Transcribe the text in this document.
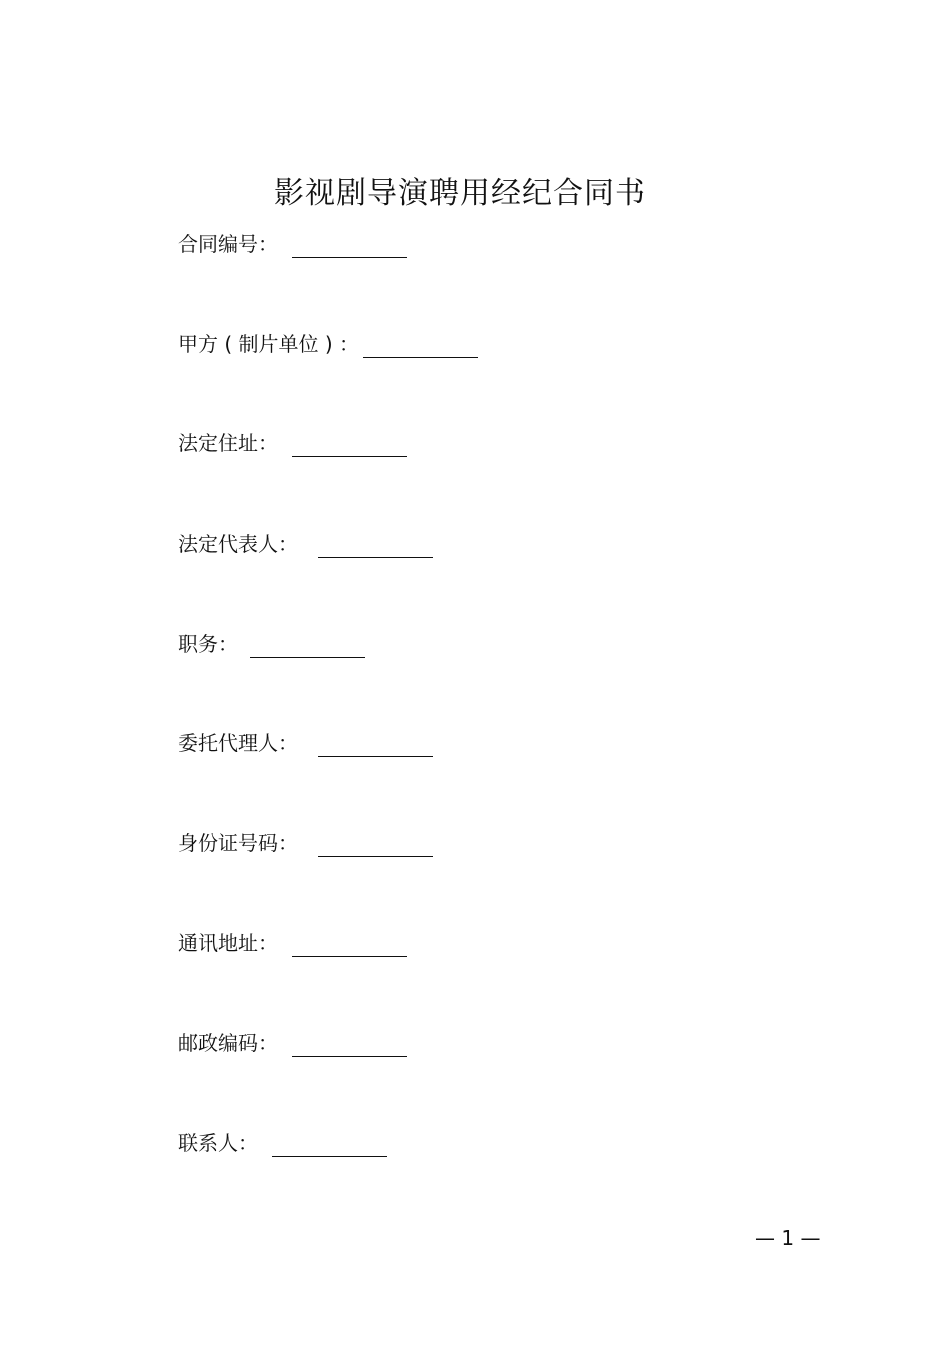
影视剧导演聘用经纪合同书
合同编号：
甲方 ( 制片单位 ) ：
法定住址：
法定代表人：
职务：
委托代理人：
身份证号码：
通讯地址：
邮政编码：
联系人：
— 1 —
